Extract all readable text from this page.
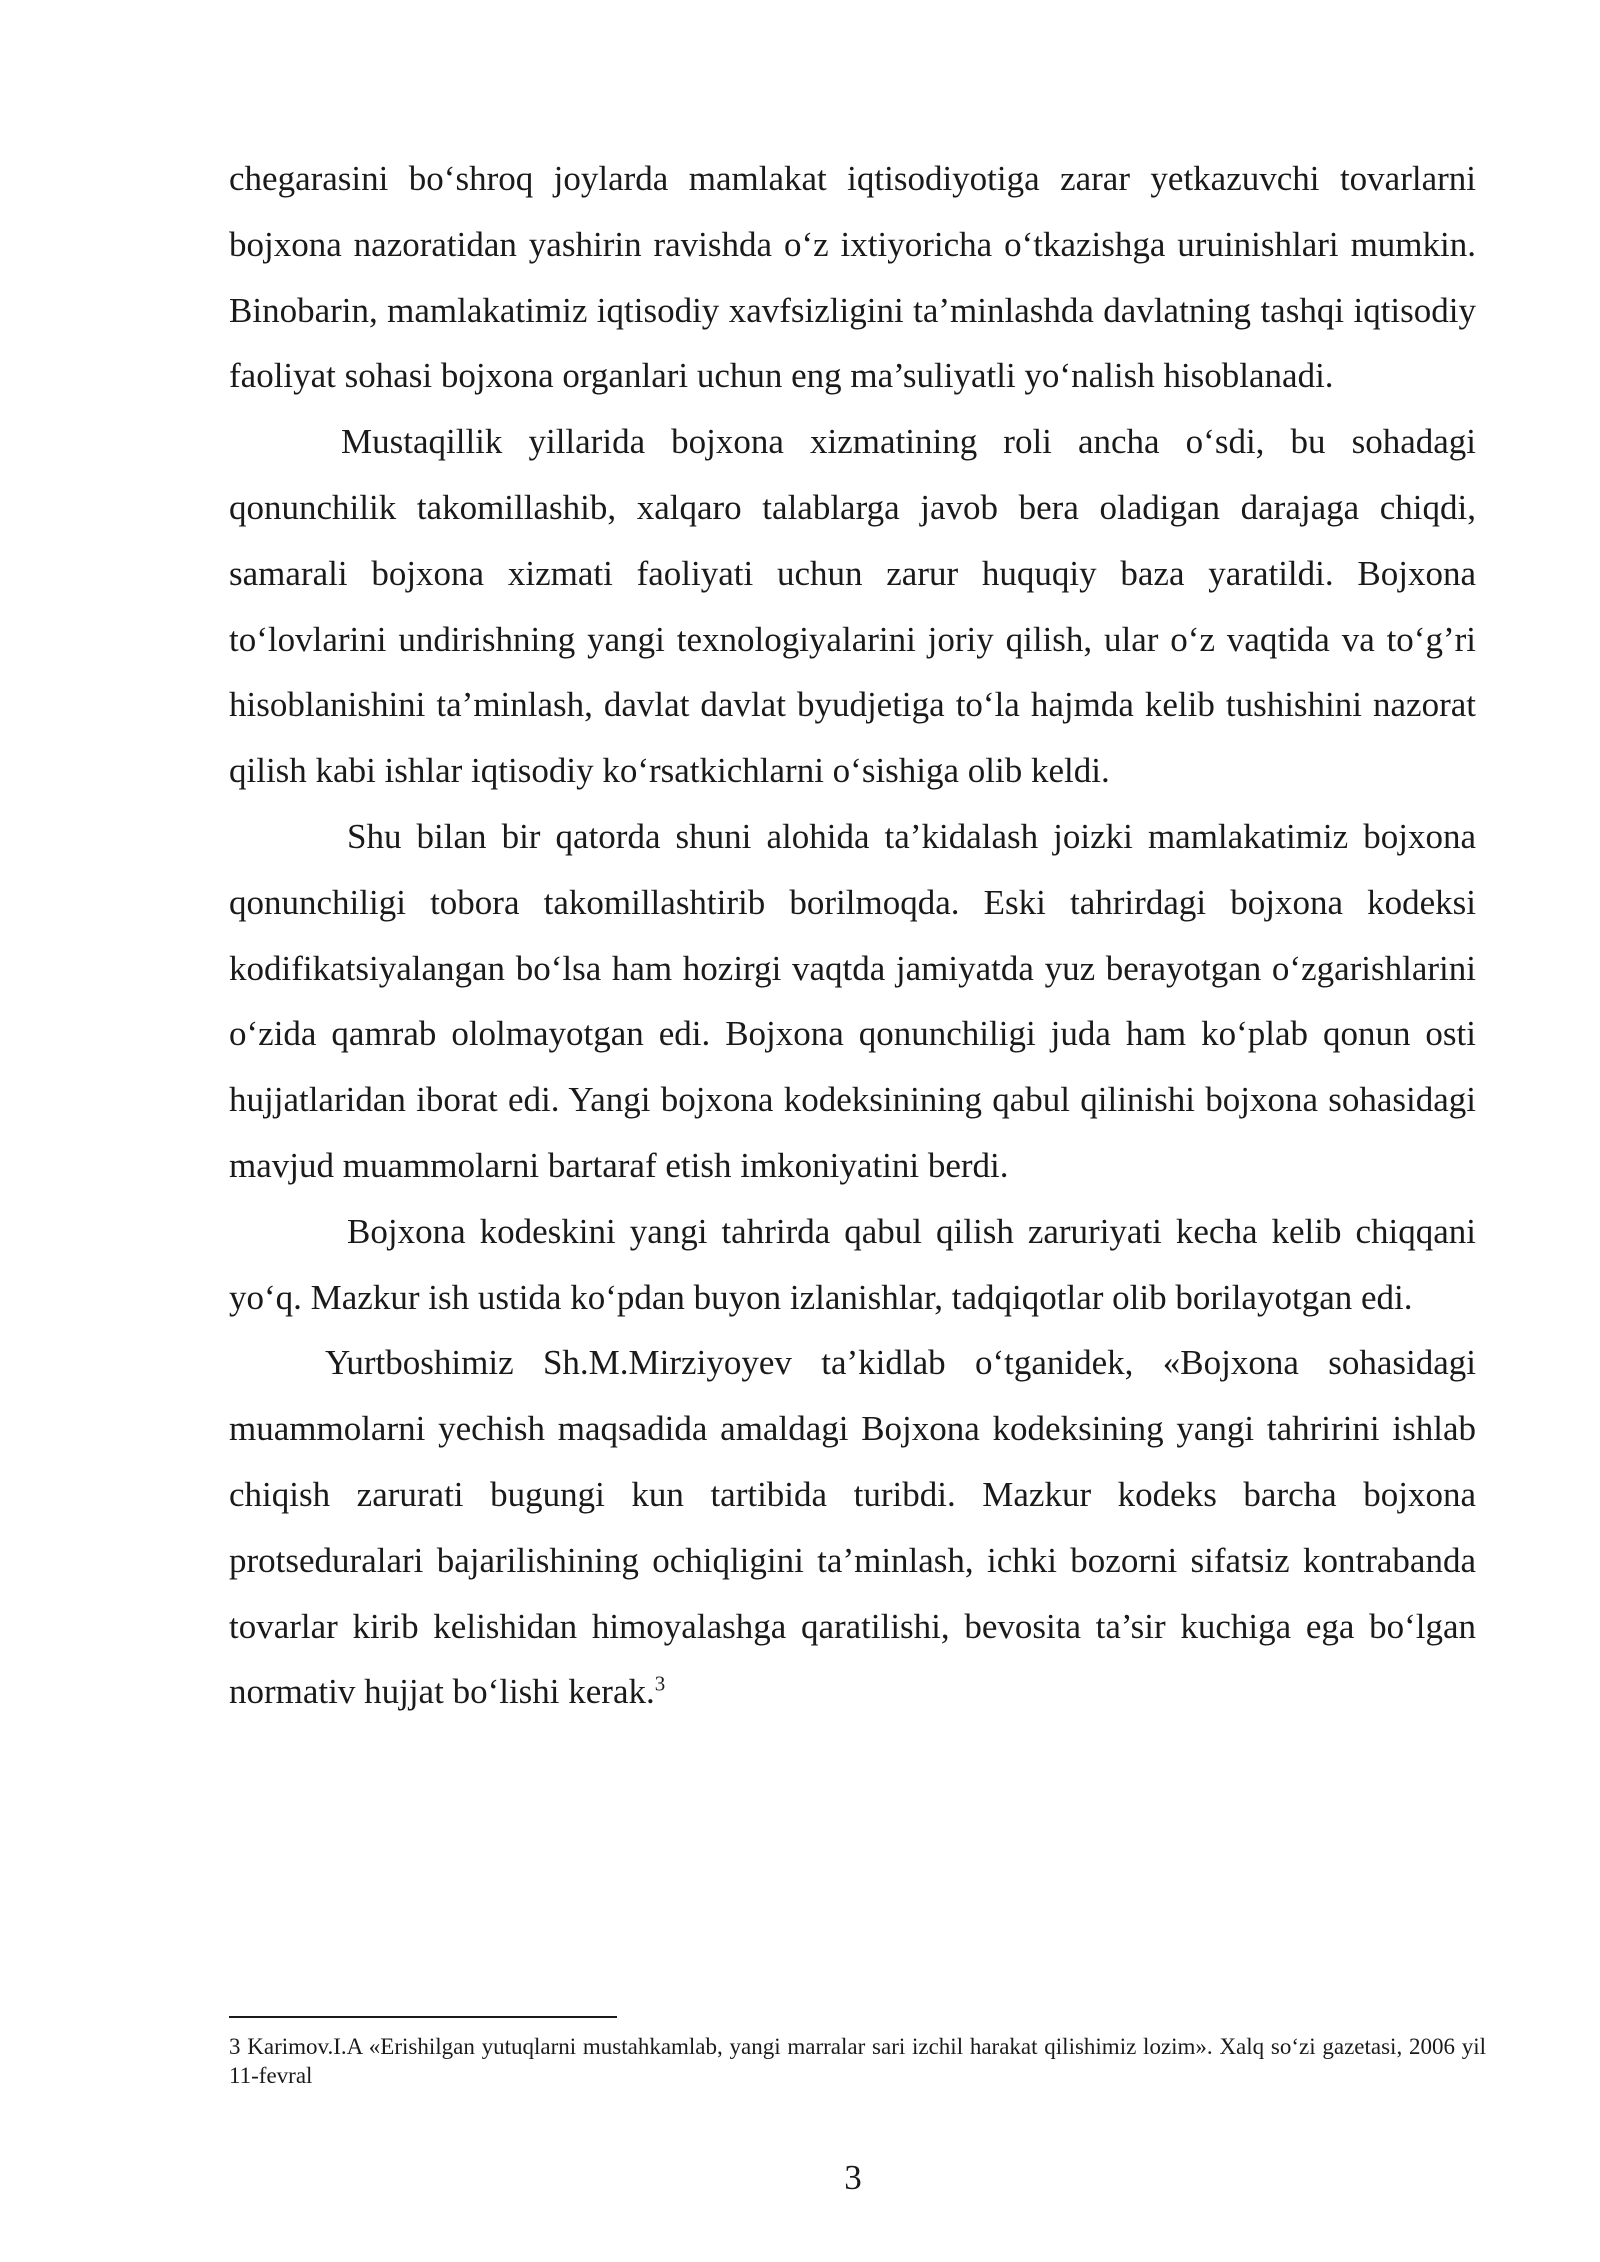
chegarasini bo‘shroq joylarda mamlakat iqtisodiyotiga zarar yetkazuvchi tovarlarni bojxona nazoratidan yashirin ravishda o‘z ixtiyoricha o‘tkazishga uruinishlari mumkin. Binobarin, mamlakatimiz iqtisodiy xavfsizligini ta’minlashda davlatning tashqi iqtisodiy faoliyat sohasi bojxona organlari uchun eng ma’suliyatli yo‘nalish hisoblanadi.

Mustaqillik yillarida bojxona xizmatining roli ancha o‘sdi, bu sohadagi qonunchilik takomillashib, xalqaro talablarga javob bera oladigan darajaga chiqdi, samarali bojxona xizmati faoliyati uchun zarur huquqiy baza yaratildi. Bojxona to‘lovlarini undirishning yangi texnologiyalarini joriy qilish, ular o‘z vaqtida va to‘g’ri hisoblanishini ta’minlash, davlat davlat byudjetiga to‘la hajmda kelib tushishini nazorat qilish kabi ishlar iqtisodiy ko‘rsatkichlarni o‘sishiga olib keldi.

Shu bilan bir qatorda shuni alohida ta’kidalash joizki mamlakatimiz bojxona qonunchiligi tobora takomillashtirib borilmoqda. Eski tahrirdagi bojxona kodeksi kodifikatsiyalangan bo‘lsa ham hozirgi vaqtda jamiyatda yuz berayotgan o‘zgarishlarini o‘zida qamrab ololmayotgan edi. Bojxona qonunchiligi juda ham ko‘plab qonun osti hujjatlaridan iborat edi. Yangi bojxona kodeksinining qabul qilinishi bojxona sohasidagi mavjud muammolarni bartaraf etish imkoniyatini berdi.

Bojxona kodeskini yangi tahrirda qabul qilish zaruriyati kecha kelib chiqqani yo‘q. Mazkur ish ustida ko‘pdan buyon izlanishlar, tadqiqotlar olib borilayotgan edi.

Yurtboshimiz Sh.M.Mirziyoyev ta’kidlab o‘tganidek, «Bojxona sohasidagi muammolarni yechish maqsadida amaldagi Bojxona kodeksining yangi tahririni ishlab chiqish zarurati bugungi kun tartibida turibdi. Mazkur kodeks barcha bojxona protseduralari bajarilishining ochiqligini ta’minlash, ichki bozorni sifatsiz kontrabanda tovarlar kirib kelishidan himoyalashga qaratilishi, bevosita ta’sir kuchiga ega bo‘lgan normativ hujjat bo‘lishi kerak.$^3$

3 Karimov.I.A «Erishilgan yutuqlarni mustahkamlab, yangi marralar sari izchil harakat qilishimiz lozim». Xalq so‘zi gazetasi, 2006 yil 11-fevral

3
